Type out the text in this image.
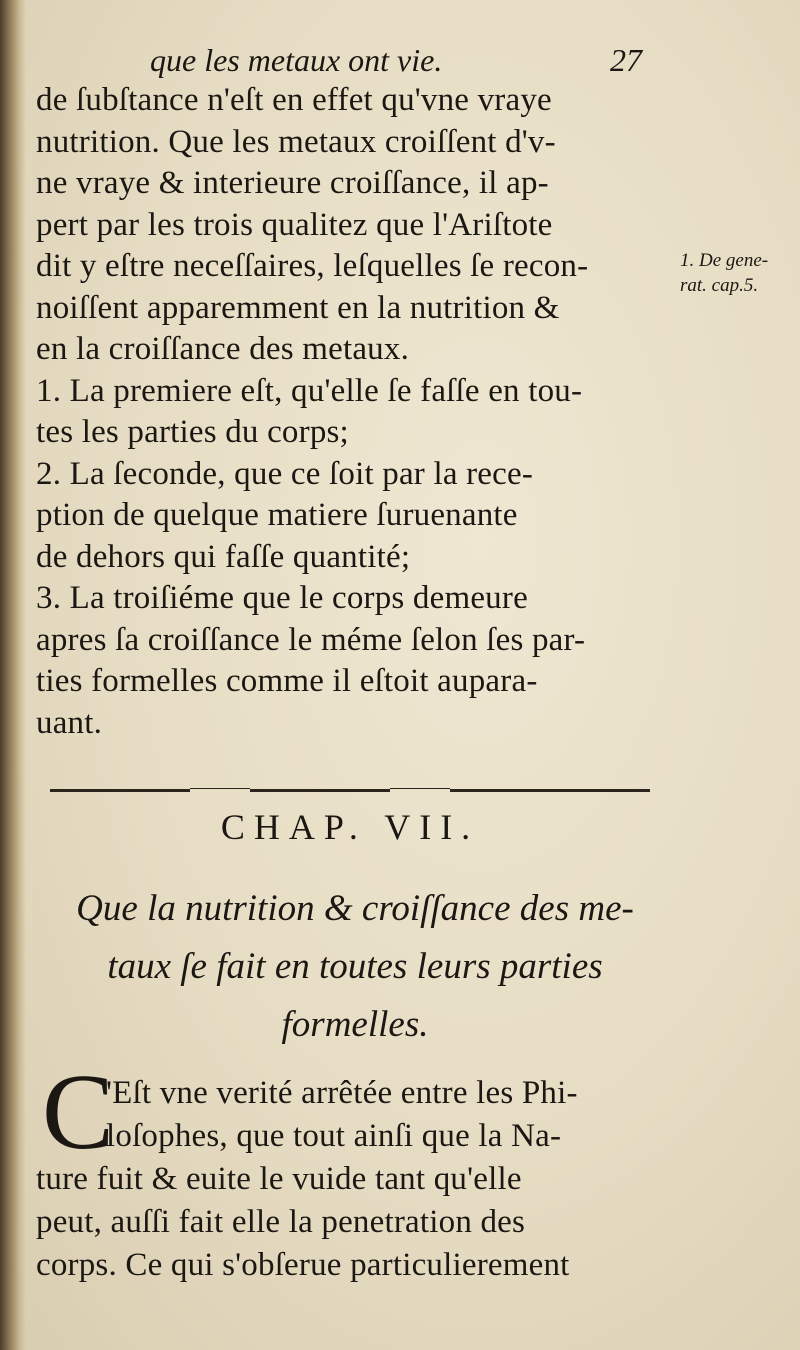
que les metaux ont vie.	27
de ſubſtance n'eſt en effet qu'vne vraye
nutrition. Que les metaux croiſſent d'v-
ne vraye & interieure croiſſance, il ap-
pert par les trois qualitez que l'Ariſtote
dit y eſtre neceſſaires, leſquelles ſe recon-
noiſſent apparemment en la nutrition &
en la croiſſance des metaux.
1. La premiere eſt, qu'elle ſe faſſe en tou-
tes les parties du corps;
2. La ſeconde, que ce ſoit par la rece-
ption de quelque matiere ſuruenante
de dehors qui faſſe quantité;
3. La troiſiéme que le corps demeure
apres ſa croiſſance le méme ſelon ſes par-
ties formelles comme il eſtoit aupara-
uant.
1. De gene-
rat. cap.5.
CHAP. VII.
Que la nutrition & croiſſance des me-
taux ſe fait en toutes leurs parties
formelles.
C
'Eſt vne verité arrêtée entre les Phi-
loſophes, que tout ainſi que la Na-
ture fuit & euite le vuide tant qu'elle
peut, auſſi fait elle la penetration des
corps. Ce qui s'obſerue particulierement
